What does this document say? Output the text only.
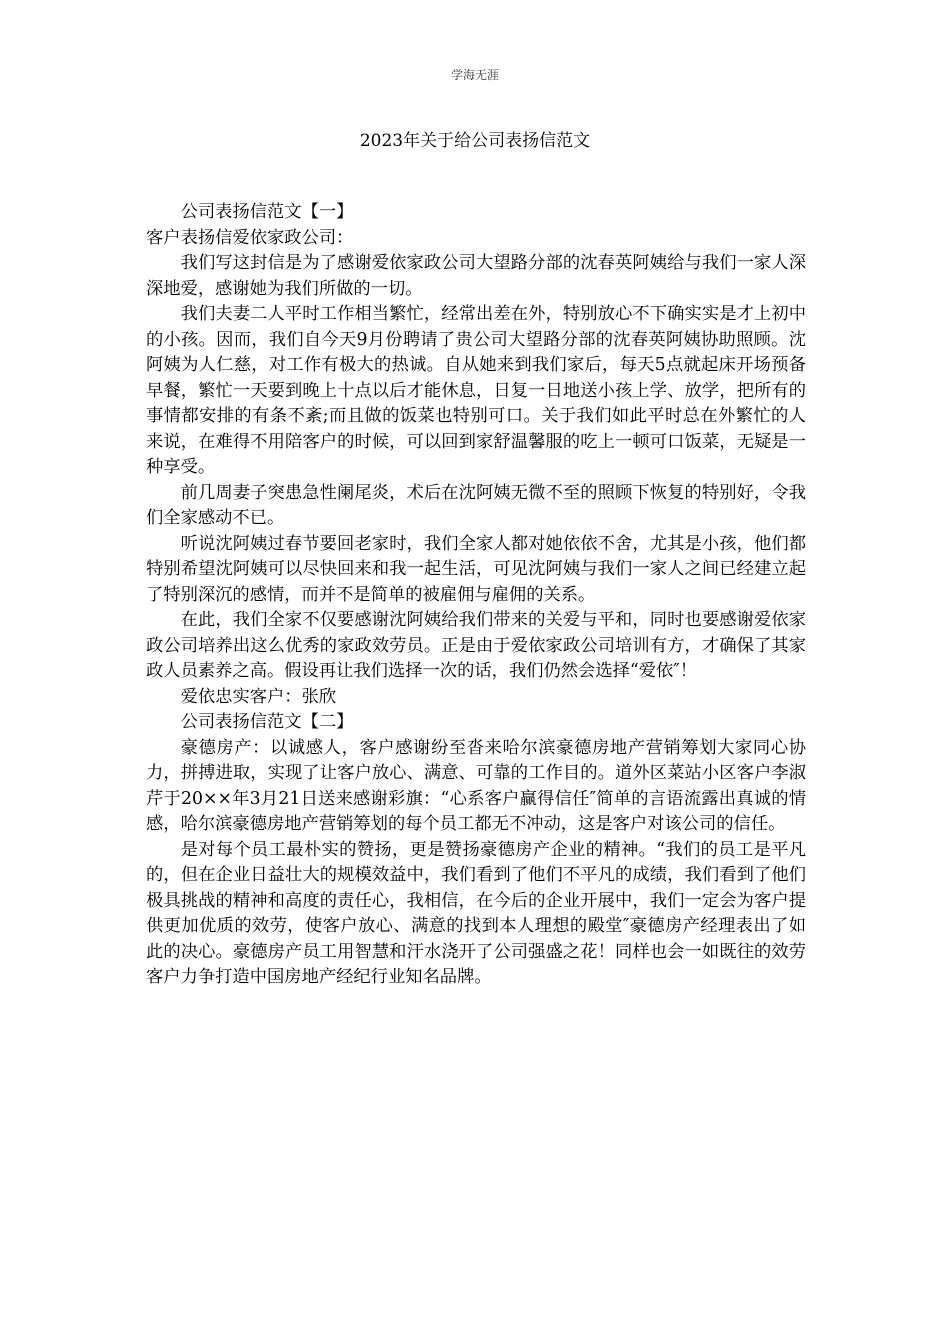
学海无涯
2023年关于给公司表扬信范文

公司表扬信范文【一】

客户表扬信爱依家政公司：

我们写这封信是为了感谢爱依家政公司大望路分部的沈春英阿姨给与我们一家人深深地爱，感谢她为我们所做的一切。

我们夫妻二人平时工作相当繁忙，经常出差在外，特别放心不下确实实是才上初中的小孩。因而，我们自今天9月份聘请了贵公司大望路分部的沈春英阿姨协助照顾。沈阿姨为人仁慈，对工作有极大的热诚。自从她来到我们家后，每天5点就起床开场预备早餐，繁忙一天要到晚上十点以后才能休息，日复一日地送小孩上学、放学，把所有的事情都安排的有条不紊;而且做的饭菜也特别可口。关于我们如此平时总在外繁忙的人来说，在难得不用陪客户的时候，可以回到家舒温馨服的吃上一顿可口饭菜，无疑是一种享受。

前几周妻子突患急性阑尾炎，术后在沈阿姨无微不至的照顾下恢复的特别好，令我们全家感动不已。

听说沈阿姨过春节要回老家时，我们全家人都对她依依不舍，尤其是小孩，他们都特别希望沈阿姨可以尽快回来和我一起生活，可见沈阿姨与我们一家人之间已经建立起了特别深沉的感情，而并不是简单的被雇佣与雇佣的关系。

在此，我们全家不仅要感谢沈阿姨给我们带来的关爱与平和，同时也要感谢爱依家政公司培养出这么优秀的家政效劳员。正是由于爱依家政公司培训有方，才确保了其家政人员素养之高。假设再让我们选择一次的话，我们仍然会选择“爱依″！

爱依忠实客户：张欣

公司表扬信范文【二】

豪德房产：以诚感人，客户感谢纷至沓来哈尔滨豪德房地产营销筹划大家同心协力，拼搏进取，实现了让客户放心、满意、可靠的工作目的。道外区菜站小区客户李淑芹于20××年3月21日送来感谢彩旗：“心系客户赢得信任″简单的言语流露出真诚的情感，哈尔滨豪德房地产营销筹划的每个员工都无不冲动，这是客户对该公司的信任。

是对每个员工最朴实的赞扬，更是赞扬豪德房产企业的精神。“我们的员工是平凡的，但在企业日益壮大的规模效益中，我们看到了他们不平凡的成绩，我们看到了他们极具挑战的精神和高度的责任心，我相信，在今后的企业开展中，我们一定会为客户提供更加优质的效劳，使客户放心、满意的找到本人理想的殿堂″豪德房产经理表出了如此的决心。豪德房产员工用智慧和汗水浇开了公司强盛之花！同样也会一如既往的效劳客户力争打造中国房地产经纪行业知名品牌。
